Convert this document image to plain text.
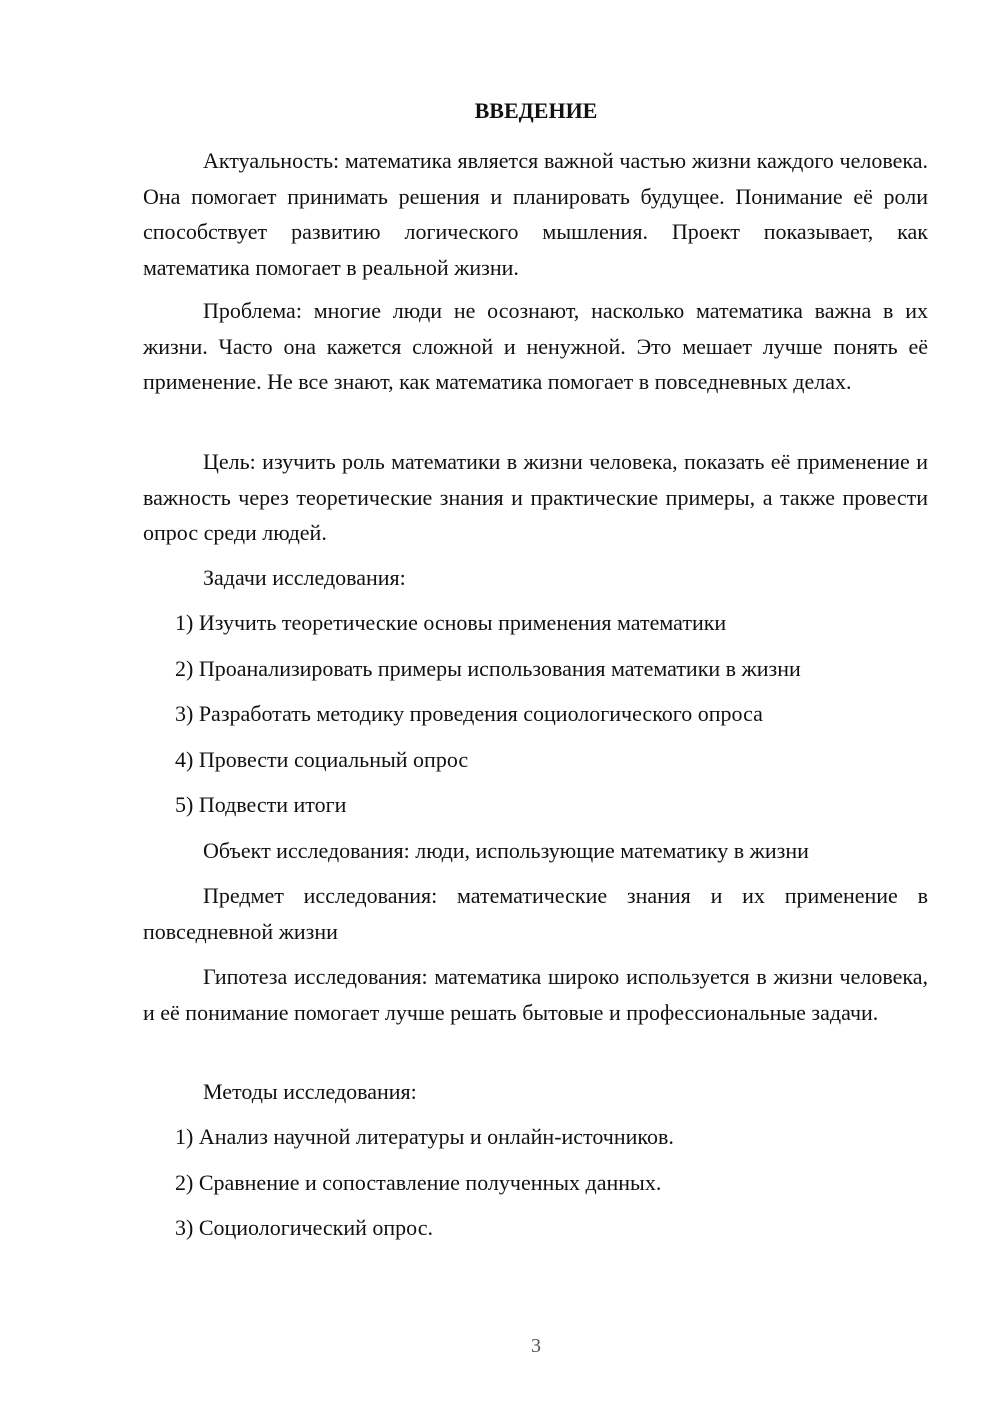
ВВЕДЕНИЕ
Актуальность: математика является важной частью жизни каждого человека. Она помогает принимать решения и планировать будущее. Понимание её роли способствует развитию логического мышления. Проект показывает, как математика помогает в реальной жизни.
Проблема: многие люди не осознают, насколько математика важна в их жизни. Часто она кажется сложной и ненужной. Это мешает лучше понять её применение. Не все знают, как математика помогает в повседневных делах.
Цель: изучить роль математики в жизни человека, показать её применение и важность через теоретические знания и практические примеры, а также провести опрос среди людей.
Задачи исследования:
1) Изучить теоретические основы применения математики
2) Проанализировать примеры использования математики в жизни
3) Разработать методику проведения социологического опроса
4) Провести социальный опрос
5) Подвести итоги
Объект исследования: люди, использующие математику в жизни
Предмет исследования: математические знания и их применение в повседневной жизни
Гипотеза исследования: математика широко используется в жизни человека, и её понимание помогает лучше решать бытовые и профессиональные задачи.
Методы исследования:
1) Анализ научной литературы и онлайн-источников.
2) Сравнение и сопоставление полученных данных.
3) Социологический опрос.
3
